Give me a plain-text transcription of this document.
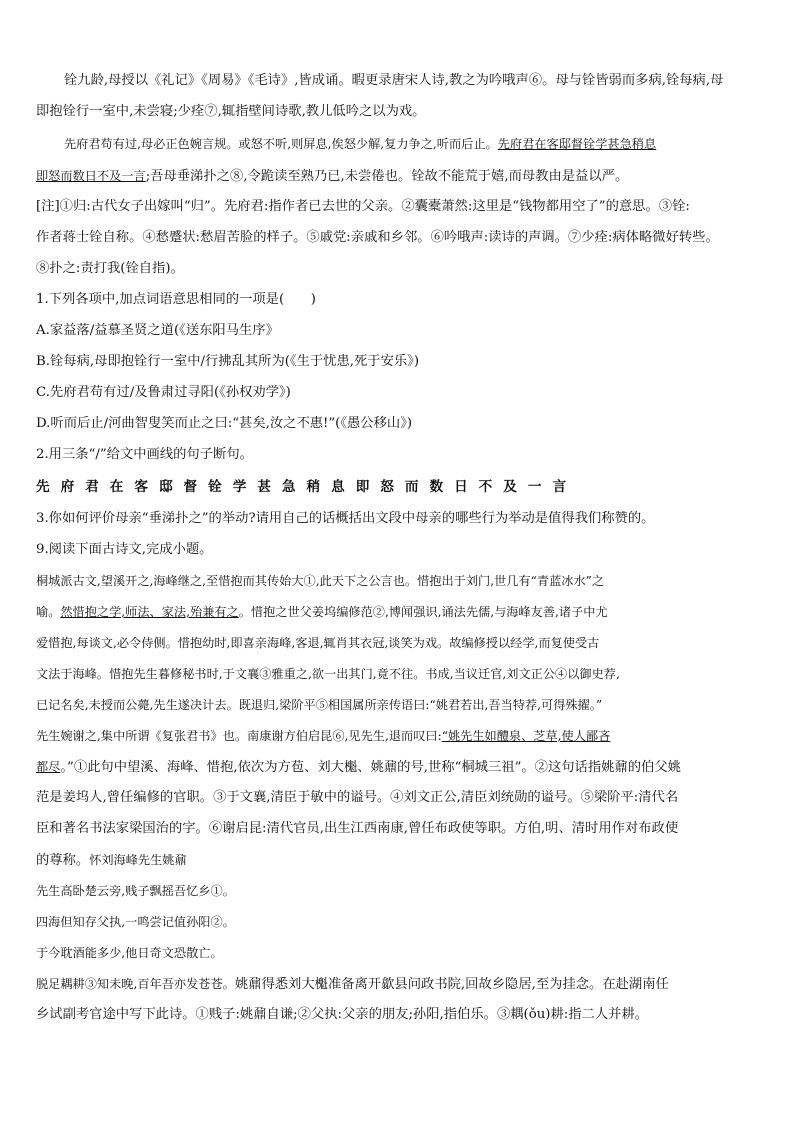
铨九龄,母授以《礼记》《周易》《毛诗》,皆成诵。暇更录唐宋人诗,教之为吟哦声⑥。母与铨皆弱而多病,铨每病,母
即抱铨行一室中,未尝寝;少痊⑦,辄指壁间诗歌,教儿低吟之以为戏。
先府君苟有过,母必正色婉言规。或怒不听,则屏息,俟怒少解,复力争之,听而后止。先府君在客邸督铨学甚急稍息
即怒而数日不及一言;吾母垂涕扑之⑧,令跪读至熟乃已,未尝倦也。铨故不能荒于嬉,而母教由是益以严。
[注]①归:古代女子出嫁叫“归”。先府君:指作者已去世的父亲。②囊橐萧然:这里是“钱物都用空了”的意思。③铨:
作者蒋士铨自称。④愁蹙状:愁眉苦脸的样子。⑤戚党:亲戚和乡邻。⑥吟哦声:读诗的声调。⑦少痊:病体略微好转些。
⑧扑之:责打我(铨自指)。
1.下列各项中,加点词语意思相同的一项是(　　)
A.家益落/益慕圣贤之道(《送东阳马生序》
B.铨每病,母即抱铨行一室中/行拂乱其所为(《生于忧患,死于安乐》)
C.先府君苟有过/及鲁肃过寻阳(《孙权劝学》)
D.听而后止/河曲智叟笑而止之曰:“甚矣,汝之不惠!”(《愚公移山》)
2.用三条“/”给文中画线的句子断句。
先府君在客邸督铨学甚急稍息即怒而数日不及一言
3.你如何评价母亲“垂涕扑之”的举动?请用自己的话概括出文段中母亲的哪些行为举动是值得我们称赞的。
9.阅读下面古诗文,完成小题。
桐城派古文,望溪开之,海峰继之,至惜抱而其传始大①,此天下之公言也。惜抱出于刘门,世几有“青蓝冰水”之
喻。然惜抱之学,师法、家法,殆兼有之。惜抱之世父姜坞编修范②,博闻强识,诵法先儒,与海峰友善,诸子中尤
爱惜抱,每谈文,必令侍侧。惜抱幼时,即喜亲海峰,客退,辄肖其衣冠,谈笑为戏。故编修授以经学,而复使受古
文法于海峰。惜抱先生暮修秘书时,于文襄③雅重之,欲一出其门,竟不往。书成,当议迁官,刘文正公④以御史荐,
已记名矣,未授而公薨,先生遂决计去。既退归,梁阶平⑤相国属所亲传语曰:“姚君若出,吾当特荐,可得殊擢。”
先生婉谢之,集中所谓《复张君书》也。南康谢方伯启昆⑥,见先生,退而叹曰:“姚先生如醴泉、芝草,使人鄙吝
都尽。”①此句中望溪、海峰、惜抱,依次为方苞、刘大櫆、姚鼐的号,世称“桐城三祖”。②这句话指姚鼐的伯父姚
范是姜坞人,曾任编修的官职。③于文襄,清臣于敏中的谥号。④刘文正公,清臣刘统勋的谥号。⑤梁阶平:清代名
臣和著名书法家梁国治的字。⑥谢启昆:清代官员,出生江西南康,曾任布政使等职。方伯,明、清时用作对布政使
的尊称。怀刘海峰先生姚鼐
先生高卧楚云旁,贱子飘摇吾忆乡①。
四海但知存父执,一鸣尝记值孙阳②。
于今耽酒能多少,他日奇文恐散亡。
脱足耦耕③知未晚,百年吾亦发苍苍。姚鼐得悉刘大櫆准备离开歙县问政书院,回故乡隐居,至为挂念。在赴湖南任
乡试副考官途中写下此诗。①贱子:姚鼐自谦;②父执:父亲的朋友;孙阳,指伯乐。③耦(ǒu)耕:指二人并耕。
